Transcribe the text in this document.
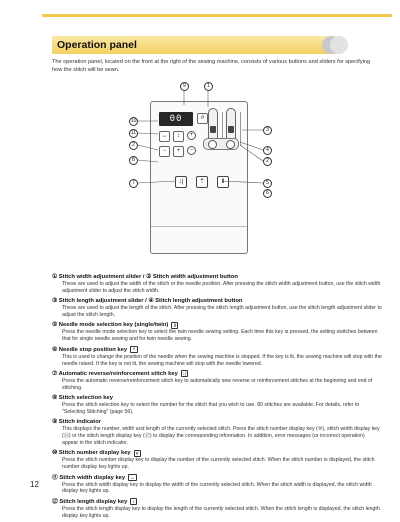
Operation panel
The operation panel, located on the front at the right of the sewing machine, consists of various buttons and sliders for specifying how the stitch will be sewn.
00	#
↔	↕	+
−	+	−
↓|	⇡	Ⅱ
9	1
10
11
2
8
7
3
4
2
5
6
① Stitch width adjustment slider / ② Stitch width adjustment button
These are used to adjust the width of the stitch or the needle position. After pressing the stitch width adjustment button, use the stitch width adjustment slider to adjust the stitch width.
③ Stitch length adjustment slider / ④ Stitch length adjustment button
These are used to adjust the length of the stitch. After pressing the stitch length adjustment button, use the stitch length adjustment slider to adjust the stitch length.
⑤ Needle mode selection key (single/twin)	Ⅱ
Press the needle mode selection key to select the twin needle sewing setting. Each time this key is pressed, the setting switches between that for single needle sewing and for twin needle sewing.
⑥ Needle stop position key	⇡
This is used to change the position of the needle when the sewing machine is stopped. If the key is lit, the sewing machine will stop with the needle raised. If the key is not lit, the sewing machine will stop with the needle lowered.
⑦ Automatic reverse/reinforcement stitch key	↓|
Press the automatic reverse/reinforcement stitch key to automatically sew reverse or reinforcement stitches at the beginning and end of stitching.
⑧ Stitch selection key
Press the stitch selection key to select the number for the stitch that you wish to use. 80 stitches are available. For details, refer to "Selecting Stitching" (page 56).
⑨ Stitch indicator
This displays the number, width and length of the currently selected stitch. Press the stitch number display key (⑩), stitch width display key (⑪) or the stitch length display key (⑫) to display the corresponding information. In addition, error messages (or incorrect operation) appear in the stitch indicator.
⑩ Stitch number display key	#
Press the stitch number display key to display the number of the currently selected stitch. When the stitch number is displayed, the stitch number display key lights up.
⑪ Stitch width display key	↔
Press the stitch width display key to display the width of the currently selected stitch. When the stitch width is displayed, the stitch width display key lights up.
⑫ Stitch length display key	↕
Press the stitch length display key to display the length of the currently selected stitch. When the stitch length is displayed, the stitch length display key lights up.
12
